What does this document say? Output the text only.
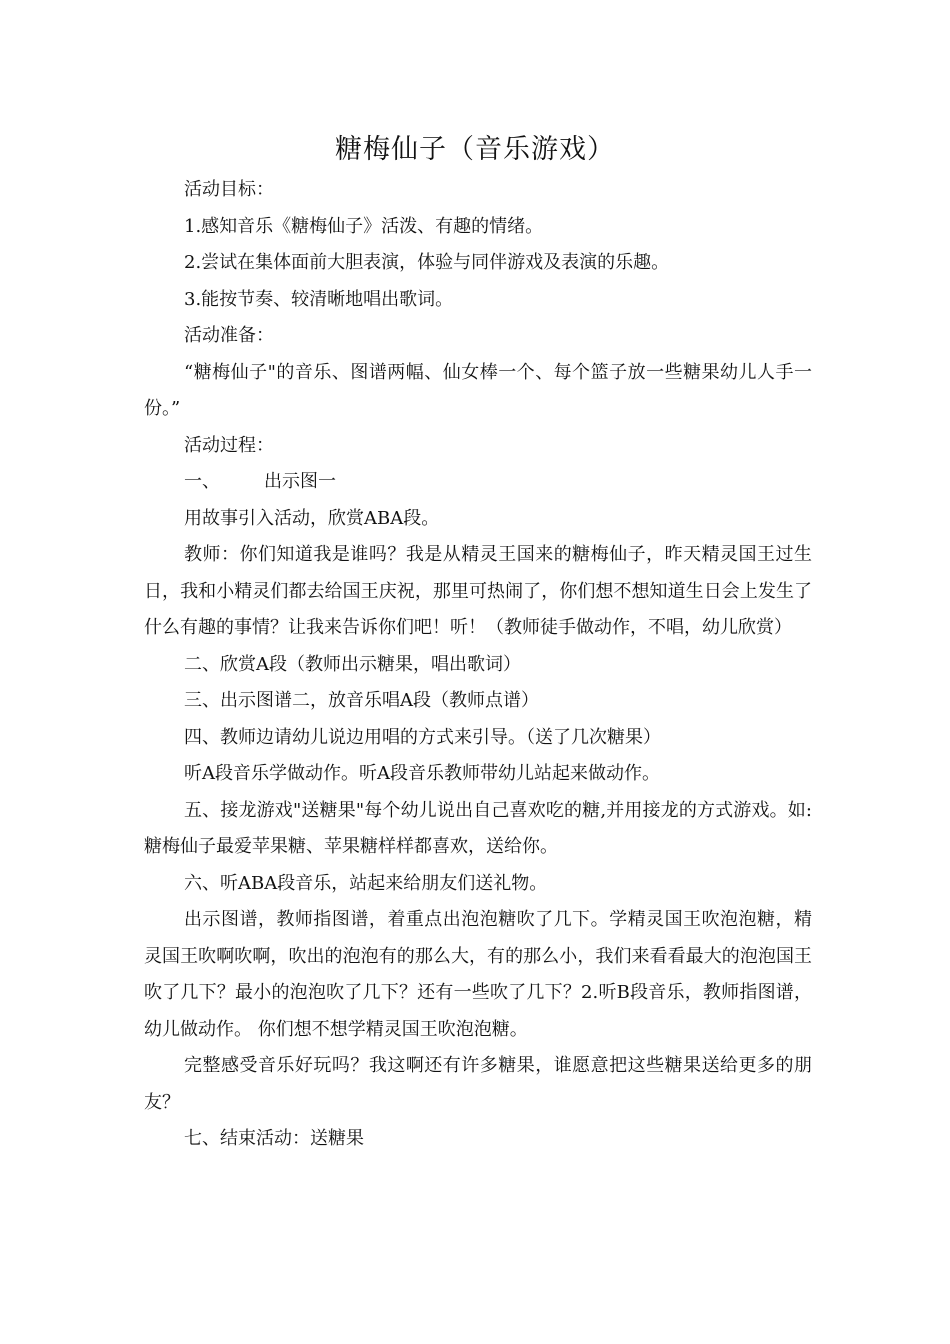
糖梅仙子（音乐游戏）

活动目标：

1.感知音乐《糖梅仙子》活泼、有趣的情绪。

2.尝试在集体面前大胆表演，体验与同伴游戏及表演的乐趣。

3.能按节奏、较清晰地唱出歌词。

活动准备：

“糖梅仙子"的音乐、图谱两幅、仙女棒一个、每个篮子放一些糖果幼儿人手一份。”

活动过程：

一、 出示图一

用故事引入活动，欣赏ABA段。

教师：你们知道我是谁吗？我是从精灵王国来的糖梅仙子，昨天精灵国王过生日，我和小精灵们都去给国王庆祝，那里可热闹了，你们想不想知道生日会上发生了什么有趣的事情？让我来告诉你们吧！听！（教师徒手做动作，不唱，幼儿欣赏）

二、欣赏A段（教师出示糖果，唱出歌词）

三、出示图谱二，放音乐唱A段（教师点谱）

四、教师边请幼儿说边用唱的方式来引导。（送了几次糖果）

听A段音乐学做动作。听A段音乐教师带幼儿站起来做动作。

五、接龙游戏"送糖果"每个幼儿说出自己喜欢吃的糖,并用接龙的方式游戏。如:糖梅仙子最爱苹果糖、苹果糖样样都喜欢，送给你。

六、听ABA段音乐，站起来给朋友们送礼物。

出示图谱，教师指图谱，着重点出泡泡糖吹了几下。学精灵国王吹泡泡糖，精灵国王吹啊吹啊，吹出的泡泡有的那么大，有的那么小，我们来看看最大的泡泡国王吹了几下？最小的泡泡吹了几下？还有一些吹了几下？2.听B段音乐，教师指图谱，幼儿做动作。 你们想不想学精灵国王吹泡泡糖。

完整感受音乐好玩吗？我这啊还有许多糖果，谁愿意把这些糖果送给更多的朋友？

七、结束活动：送糖果
